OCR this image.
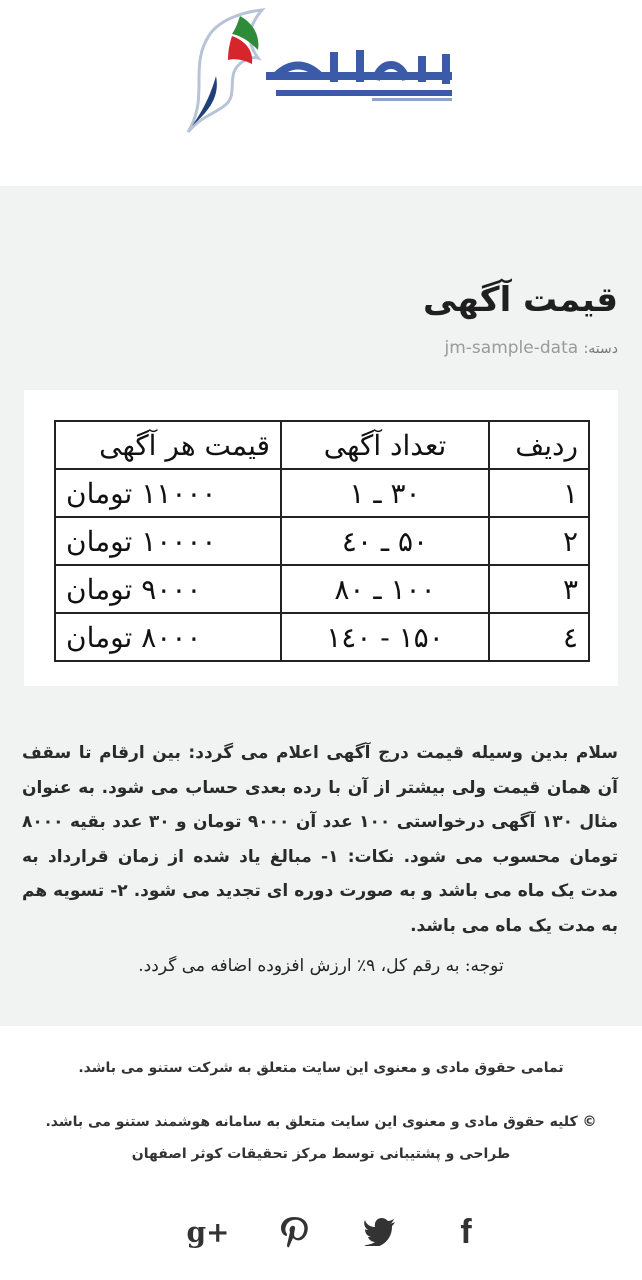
قیمت آگهی
دسته: jm-sample-data
ردیف	تعداد آگهی	قیمت هر آگهی
۱	۳۰ ـ ۱	۱۱۰۰۰ تومان
۲	۵۰ ـ ٤۰	۱۰۰۰۰ تومان
۳	۱۰۰ ـ ۸۰	۹۰۰۰ تومان
٤	۱۵۰ - ۱٤۰	۸۰۰۰ تومان

سلام بدین وسیله قیمت درج آگهی اعلام می گردد: بین ارقام تا سقف آن همان قیمت ولی بیشتر از آن با رده بعدی حساب می شود. به عنوان مثال ۱۳۰ آگهی درخواستی ۱۰۰ عدد آن ۹۰۰۰ تومان و ۳۰ عدد بقیه ۸۰۰۰ تومان محسوب می شود. نکات: ۱- مبالغ یاد شده از زمان قرارداد به مدت یک ماه می باشد و به صورت دوره ای تجدید می شود. ۲- تسویه هم به مدت یک ماه می باشد.

توجه: به رقم کل، ۹٪ ارزش افزوده اضافه می گردد.

تمامی حقوق مادی و معنوی این سایت متعلق به شرکت ستنو می باشد.

© کلیه حقوق مادی و معنوی این سایت متعلق به سامانه هوشمند ستنو می باشد. طراحی و پشتیبانی توسط مرکز تحقیقات کوثر اصفهان

g+	f
